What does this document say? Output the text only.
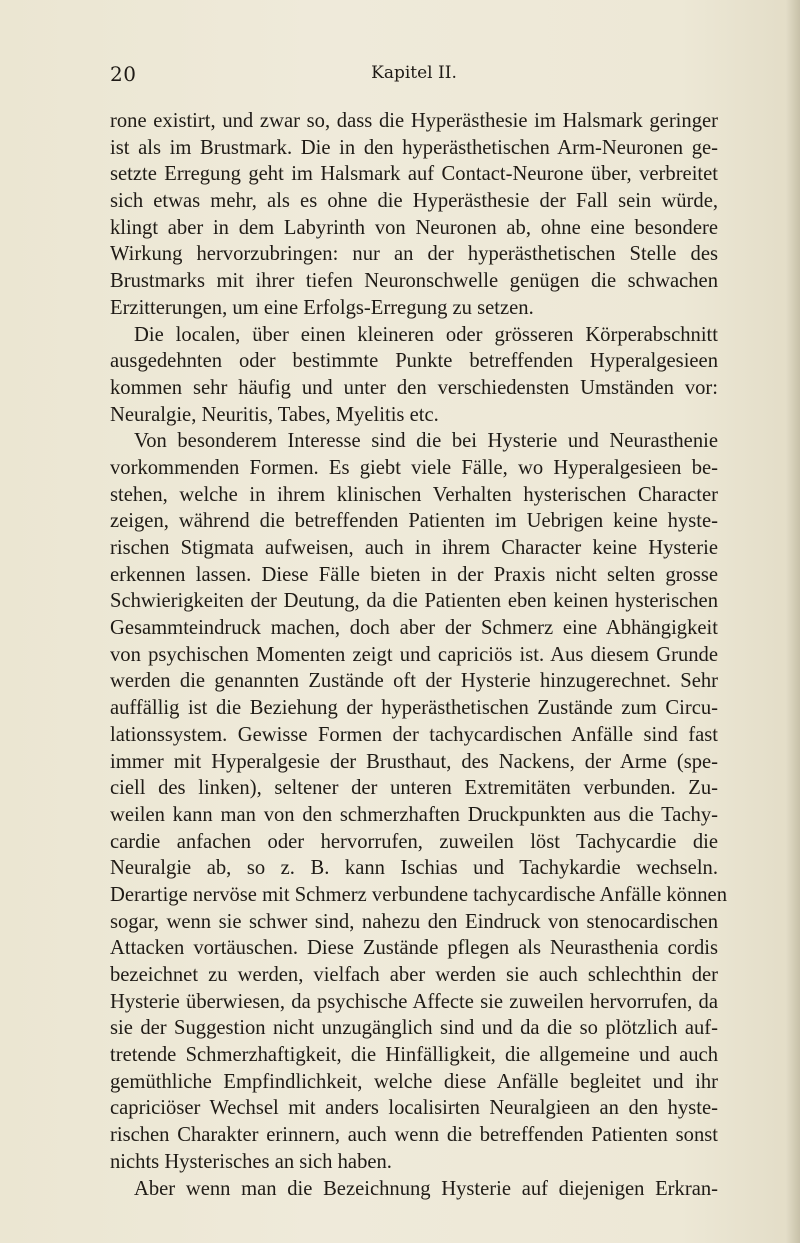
20	Kapitel II.
rone existirt, und zwar so, dass die Hyperästhesie im Halsmark geringer
ist als im Brustmark. Die in den hyperästhetischen Arm-Neuronen ge-
setzte Erregung geht im Halsmark auf Contact-Neurone über, verbreitet
sich etwas mehr, als es ohne die Hyperästhesie der Fall sein würde,
klingt aber in dem Labyrinth von Neuronen ab, ohne eine besondere
Wirkung hervorzubringen: nur an der hyperästhetischen Stelle des
Brustmarks mit ihrer tiefen Neuronschwelle genügen die schwachen
Erzitterungen, um eine Erfolgs-Erregung zu setzen.
Die localen, über einen kleineren oder grösseren Körperabschnitt
ausgedehnten oder bestimmte Punkte betreffenden Hyperalgesieen
kommen sehr häufig und unter den verschiedensten Umständen vor:
Neuralgie, Neuritis, Tabes, Myelitis etc.
Von besonderem Interesse sind die bei Hysterie und Neurasthenie
vorkommenden Formen. Es giebt viele Fälle, wo Hyperalgesieen be-
stehen, welche in ihrem klinischen Verhalten hysterischen Character
zeigen, während die betreffenden Patienten im Uebrigen keine hyste-
rischen Stigmata aufweisen, auch in ihrem Character keine Hysterie
erkennen lassen. Diese Fälle bieten in der Praxis nicht selten grosse
Schwierigkeiten der Deutung, da die Patienten eben keinen hysterischen
Gesammteindruck machen, doch aber der Schmerz eine Abhängigkeit
von psychischen Momenten zeigt und capriciös ist. Aus diesem Grunde
werden die genannten Zustände oft der Hysterie hinzugerechnet. Sehr
auffällig ist die Beziehung der hyperästhetischen Zustände zum Circu-
lationssystem. Gewisse Formen der tachycardischen Anfälle sind fast
immer mit Hyperalgesie der Brusthaut, des Nackens, der Arme (spe-
ciell des linken), seltener der unteren Extremitäten verbunden. Zu-
weilen kann man von den schmerzhaften Druckpunkten aus die Tachy-
cardie anfachen oder hervorrufen, zuweilen löst Tachycardie die
Neuralgie ab, so z. B. kann Ischias und Tachykardie wechseln.
Derartige nervöse mit Schmerz verbundene tachycardische Anfälle können
sogar, wenn sie schwer sind, nahezu den Eindruck von stenocardischen
Attacken vortäuschen. Diese Zustände pflegen als Neurasthenia cordis
bezeichnet zu werden, vielfach aber werden sie auch schlechthin der
Hysterie überwiesen, da psychische Affecte sie zuweilen hervorrufen, da
sie der Suggestion nicht unzugänglich sind und da die so plötzlich auf-
tretende Schmerzhaftigkeit, die Hinfälligkeit, die allgemeine und auch
gemüthliche Empfindlichkeit, welche diese Anfälle begleitet und ihr
capriciöser Wechsel mit anders localisirten Neuralgieen an den hyste-
rischen Charakter erinnern, auch wenn die betreffenden Patienten sonst
nichts Hysterisches an sich haben.
Aber wenn man die Bezeichnung Hysterie auf diejenigen Erkran-
